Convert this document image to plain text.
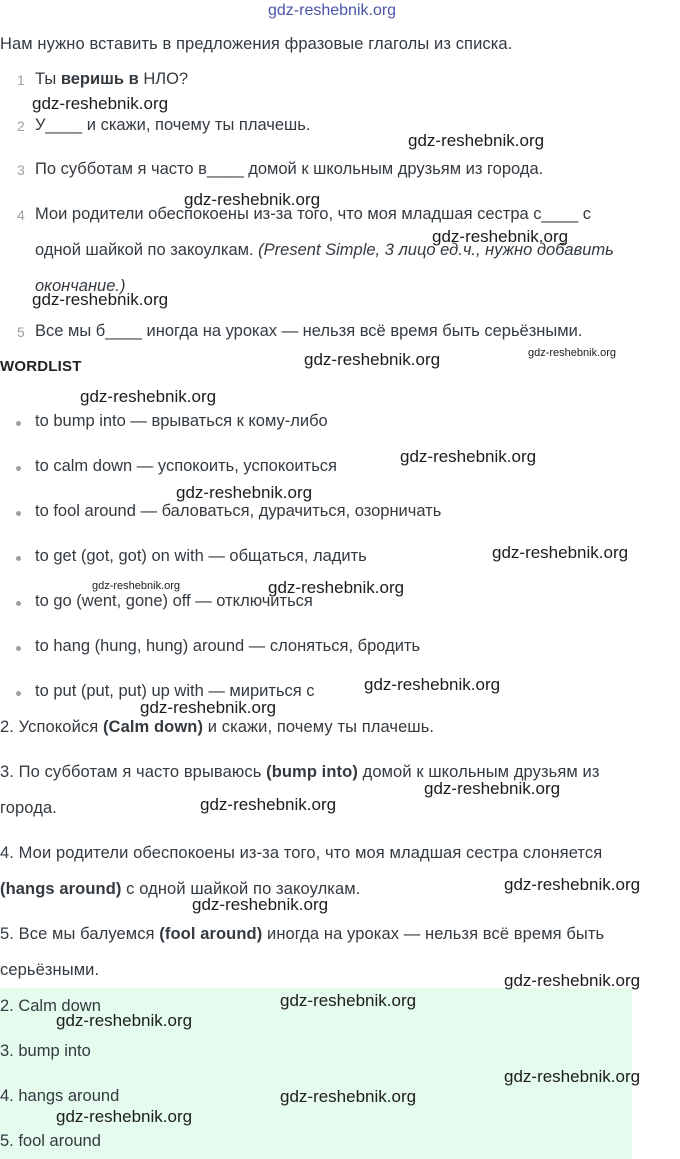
gdz-reshebnik.org
Нам нужно вставить в предложения фразовые глаголы из списка.
1 Ты веришь в НЛО?
2 У____ и скажи, почему ты плачешь.
3 По субботам я часто в____ домой к школьным друзьям из города.
4 Мои родители обеспокоены из-за того, что моя младшая сестра с____ с
одной шайкой по закоулкам. (Present Simple, 3 лицо ед.ч., нужно добавить
окончание.)
5 Все мы б____ иногда на уроках — нельзя всё время быть серьёзными.
WORDLIST
to bump into — врываться к кому-либо
to calm down — успокоить, успокоиться
to fool around — баловаться, дурачиться, озорничать
to get (got, got) on with — общаться, ладить
to go (went, gone) off — отключиться
to hang (hung, hung) around — слоняться, бродить
to put (put, put) up with — мириться с
2. Успокойся (Calm down) и скажи, почему ты плачешь.
3. По субботам я часто врываюсь (bump into) домой к школьным друзьям из
города.
4. Мои родители обеспокоены из-за того, что моя младшая сестра слоняется
(hangs around) с одной шайкой по закоулкам.
5. Все мы балуемся (fool around) иногда на уроках — нельзя всё время быть
серьёзными.
2. Calm down
3. bump into
4. hangs around
5. fool around
gdz-reshebnik.org
gdz-reshebnik.org
gdz-reshebnik.org
gdz-reshebnik.org
gdz-reshebnik.org
gdz-reshebnik.org	gdz-reshebnik.org
gdz-reshebnik.org
gdz-reshebnik.org
gdz-reshebnik.org
gdz-reshebnik.org
gdz-reshebnik.org	gdz-reshebnik.org
gdz-reshebnik.org
gdz-reshebnik.org
gdz-reshebnik.org
gdz-reshebnik.org
gdz-reshebnik.org
gdz-reshebnik.org
gdz-reshebnik.org
gdz-reshebnik.org
gdz-reshebnik.org
gdz-reshebnik.org
gdz-reshebnik.org
gdz-reshebnik.org
